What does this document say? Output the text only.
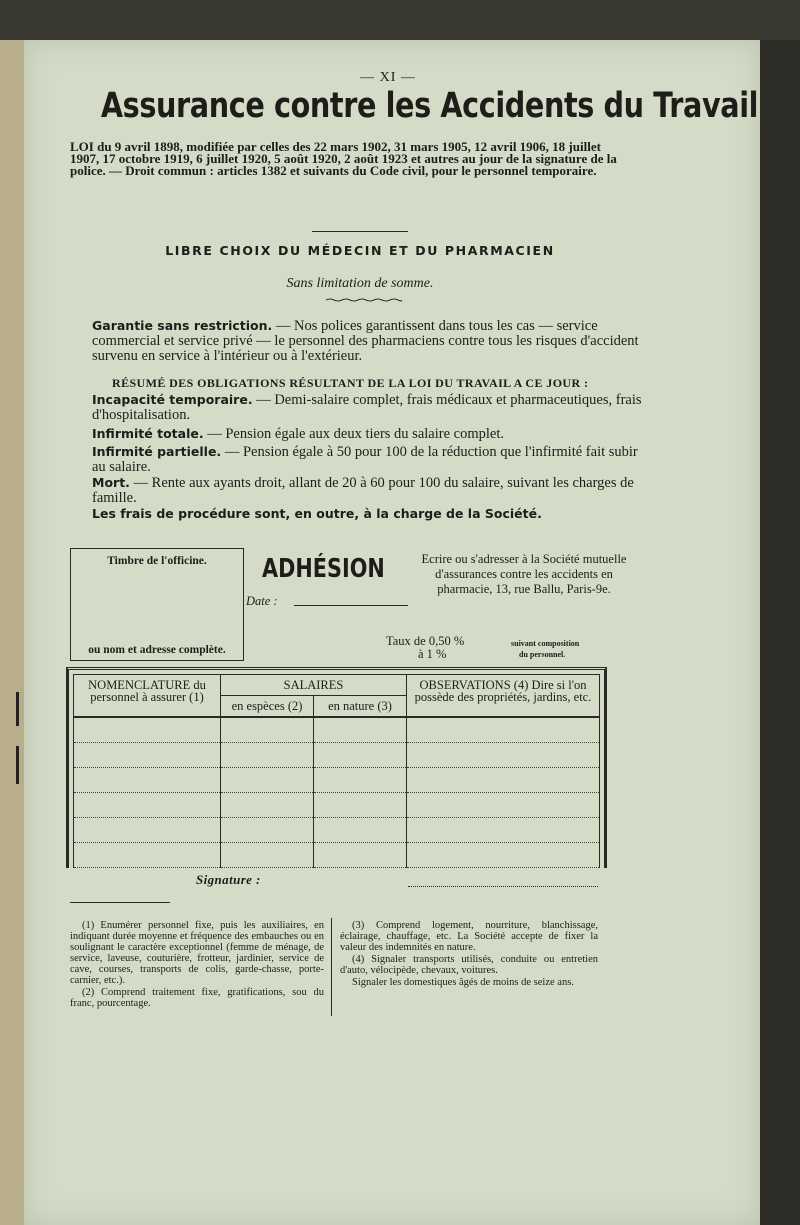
— XI —
Assurance contre les Accidents du Travail
LOI du 9 avril 1898, modifiée par celles des 22 mars 1902, 31 mars 1905, 12 avril 1906, 18 juillet 1907, 17 octobre 1919, 6 juillet 1920, 5 août 1920, 2 août 1923 et autres au jour de la signature de la police. — Droit commun : articles 1382 et suivants du Code civil, pour le personnel temporaire.
LIBRE CHOIX DU MÉDECIN ET DU PHARMACIEN
Sans limitation de somme.
Garantie sans restriction. — Nos polices garantissent dans tous les cas — service commercial et service privé — le personnel des pharmaciens contre tous les risques d'accident survenu en service à l'intérieur ou à l'extérieur.
RÉSUMÉ DES OBLIGATIONS RÉSULTANT DE LA LOI DU TRAVAIL A CE JOUR :
Incapacité temporaire. — Demi-salaire complet, frais médicaux et pharmaceutiques, frais d'hospitalisation.
Infirmité totale. — Pension égale aux deux tiers du salaire complet.
Infirmité partielle. — Pension égale à 50 pour 100 de la réduction que l'infirmité fait subir au salaire.
Mort. — Rente aux ayants droit, allant de 20 à 60 pour 100 du salaire, suivant les charges de famille.
Les frais de procédure sont, en outre, à la charge de la Société.
Timbre de l'officine.
ou nom et adresse complète.
ADHÉSION
Date :
Ecrire ou s'adresser à la Société mutuelle d'assurances contre les accidents en pharmacie, 13, rue Ballu, Paris-9e.
Taux de 0,50 %
à 1 %
suivant composition
du personnel.
NOMENCLATURE du personnel à assurer (1)	SALAIRES		OBSERVATIONS (4) Dire si l'on possède des propriétés, jardins, etc.
	en espèces (2)	en nature (3)	

Signature :

(1) Enumérer personnel fixe, puis les auxiliaires, en indiquant durée moyenne et fréquence des embauches ou en soulignant le caractère exceptionnel (femme de ménage, de service, laveuse, couturière, frotteur, jardinier, service de cave, courses, transports de colis, garde-chasse, porte-carnier, etc.).

(2) Comprend traitement fixe, gratifications, sou du franc, pourcentage.

(3) Comprend logement, nourriture, blanchissage, éclairage, chauffage, etc. La Société accepte de fixer la valeur des indemnités en nature.

(4) Signaler transports utilisés, conduite ou entretien d'auto, vélocipède, chevaux, voitures.

Signaler les domestiques âgés de moins de seize ans.
